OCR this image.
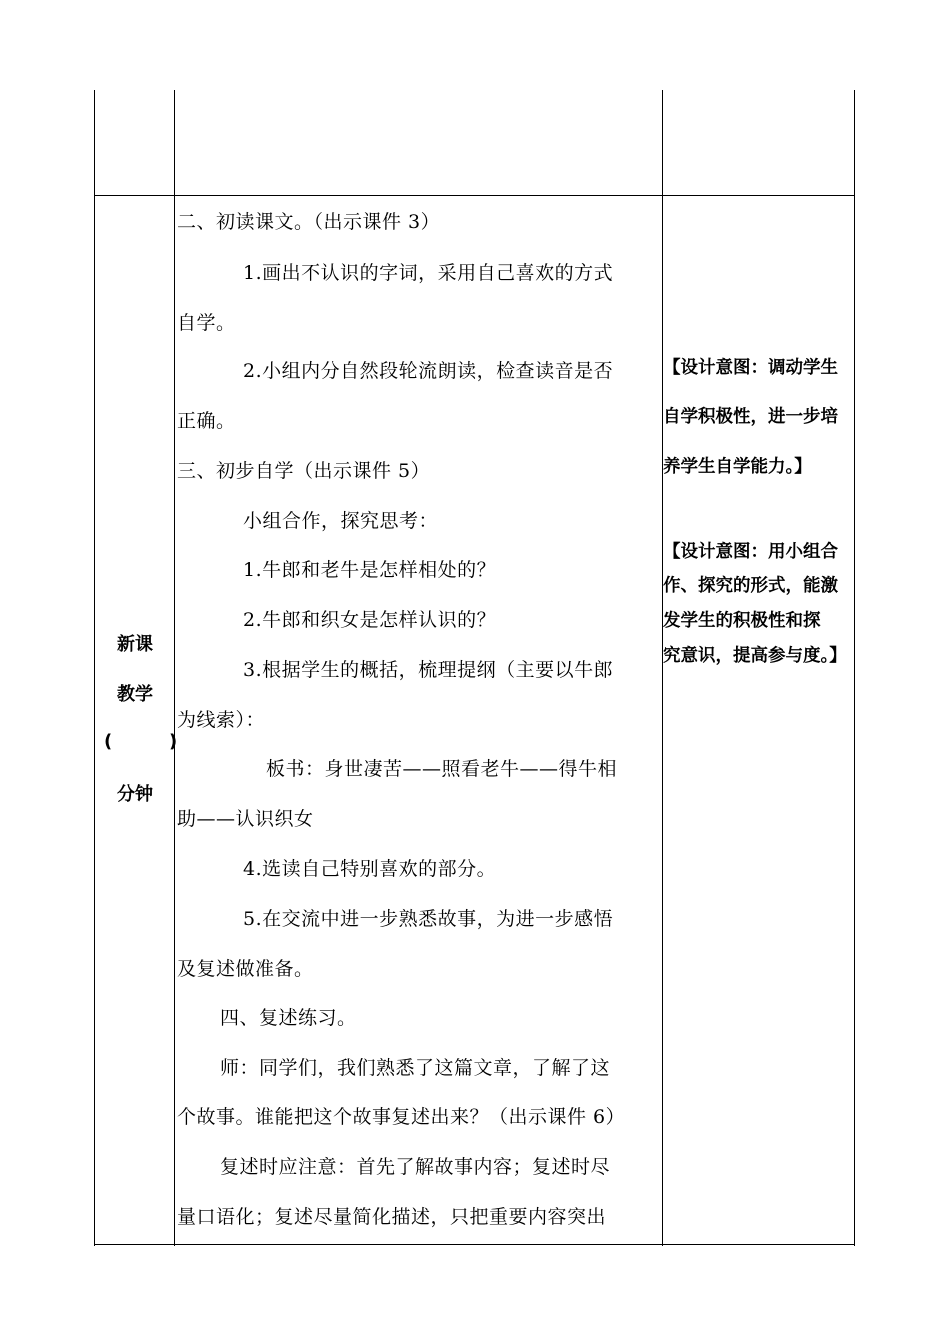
新课
教学
(	)
分钟
二、初读课文。（出示课件 3）
1.画出不认识的字词，采用自己喜欢的方式
自学。
2.小组内分自然段轮流朗读，检查读音是否
正确。
三、初步自学（出示课件 5）
小组合作，探究思考：
1.牛郎和老牛是怎样相处的？
2.牛郎和织女是怎样认识的？
3.根据学生的概括，梳理提纲（主要以牛郎
为线索）：
板书：身世凄苦——照看老牛——得牛相
助——认识织女
4.选读自己特别喜欢的部分。
5.在交流中进一步熟悉故事，为进一步感悟
及复述做准备。
四、复述练习。
师：同学们，我们熟悉了这篇文章，了解了这
个故事。谁能把这个故事复述出来？（出示课件 6）
复述时应注意：首先了解故事内容；复述时尽
量口语化；复述尽量简化描述，只把重要内容突出
【设计意图：调动学生
自学积极性，进一步培
养学生自学能力。】
【设计意图：用小组合
作、探究的形式，能激
发学生的积极性和探
究意识，提高参与度。】
